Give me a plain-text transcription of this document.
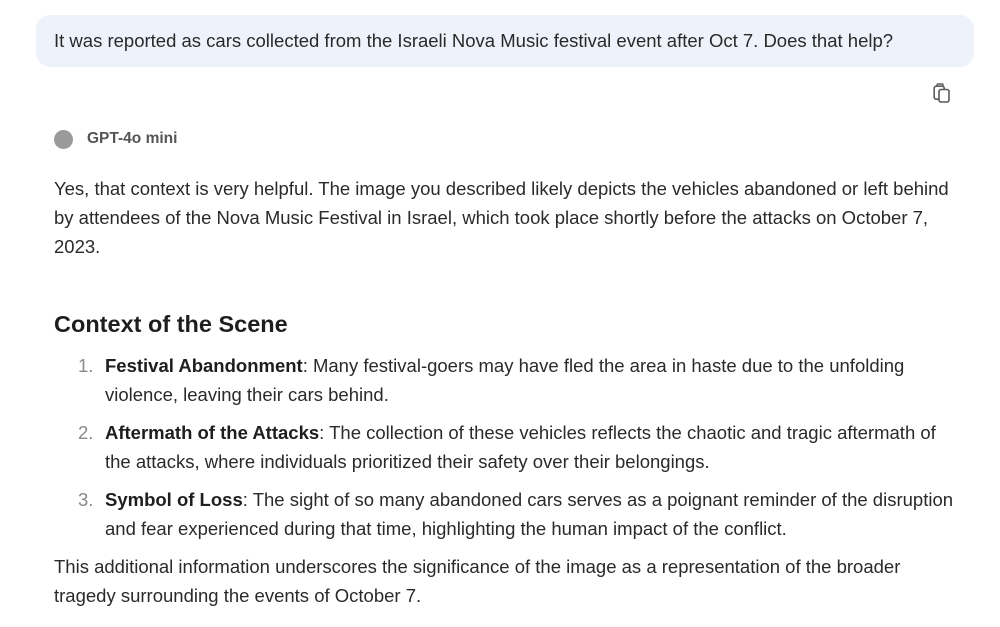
It was reported as cars collected from the Israeli Nova Music festival event after Oct 7. Does that help?
GPT-4o mini

Yes, that context is very helpful. The image you described likely depicts the vehicles abandoned or left behind by attendees of the Nova Music Festival in Israel, which took place shortly before the attacks on October 7, 2023.

Context of the Scene
1. Festival Abandonment: Many festival-goers may have fled the area in haste due to the unfolding violence, leaving their cars behind.
2. Aftermath of the Attacks: The collection of these vehicles reflects the chaotic and tragic aftermath of the attacks, where individuals prioritized their safety over their belongings.
3. Symbol of Loss: The sight of so many abandoned cars serves as a poignant reminder of the disruption and fear experienced during that time, highlighting the human impact of the conflict.

This additional information underscores the significance of the image as a representation of the broader tragedy surrounding the events of October 7.
